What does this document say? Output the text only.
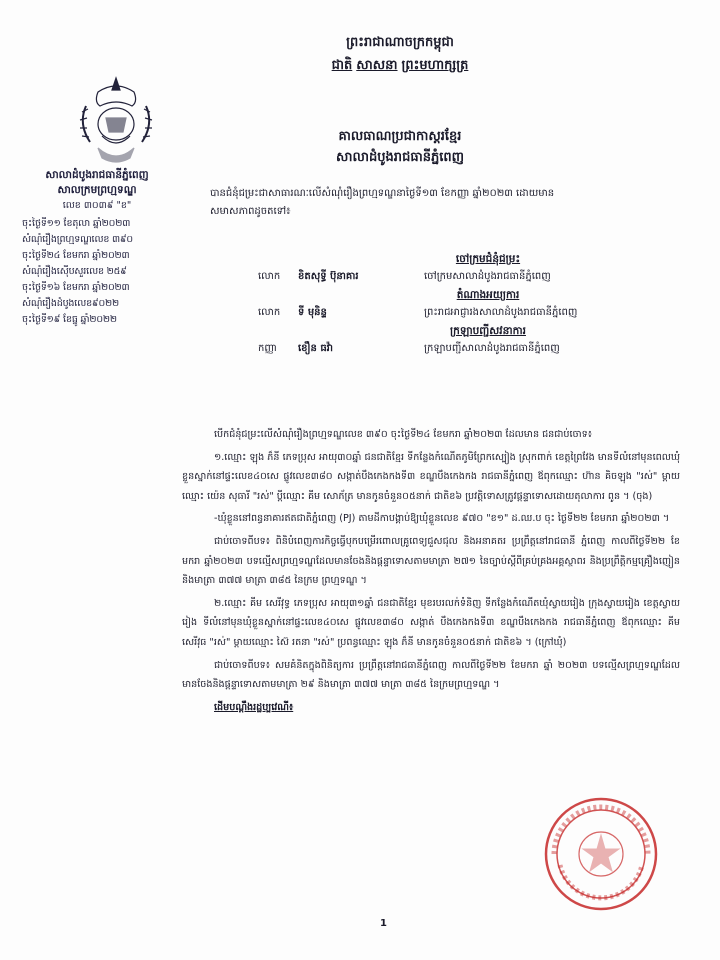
សាលាដំបូងរាជធានីភ្នំពេញ
សាលក្រមព្រហ្មទណ្ឌ
លេខ ៣០៣៩ "ខ"
ចុះថ្ងៃទី១១ ខែតុលា ឆ្នាំ២០២៣
សំណុំរឿងព្រហ្មទណ្ឌលេខ ៣៩០
ចុះថ្ងៃទី២៤ ខែមករា ឆ្នាំ២០២៣
សំណុំរឿងស៊ើបសួរលេខ ២៥៩
ចុះថ្ងៃទី១៦ ខែមករា ឆ្នាំ២០២៣
សំណុំរឿងដំបូងលេខ៩០២២
ចុះថ្ងៃទី១៩ ខែធ្នូ ឆ្នាំ២០២២
ព្រះរាជាណាចក្រកម្ពុជា
ជាតិ សាសនា ព្រះមហាក្សត្រ
គាលធាណប្រជាកាស្តរខ្មែរ
សាលាដំបូងរាជធានីភ្នំពេញ
បានជំនុំជម្រះជាសាធារណៈលើសំណុំរឿងព្រហ្មទណ្ឌនាថ្ងៃទី១៣ ខែកញ្ញា ឆ្នាំ២០២៣ ដោយមាន
សមាសភាពដូចតទៅ៖
ចៅក្រមជំនុំជម្រះ
លោក ខិតសុទ្ធី ប៊ុនាគារ	ចៅក្រមសាលាដំបូងរាជធានីភ្នំពេញ
តំណាងអយ្យការ
លោក ទី មុនិន្ទ	ព្រះរាជអាជ្ញារងសាលាដំបូងរាជធានីភ្នំពេញ
ក្រឡាបញ្ជីសវនាការ
កញ្ញា	ខឿន ធវ៉ា	ក្រឡាបញ្ជីសាលាដំបូងរាជធានីភ្នំពេញ

បើកជំនុំជម្រះលើសំណុំរឿងព្រហ្មទណ្ឌលេខ ៣៩០ ចុះថ្ងៃទី២៤ ខែមករា ឆ្នាំ២០២៣ ដែលមាន ជនជាប់ចោទ៖

១.ឈ្មោះ ឡុង ភ៏នី ភេទប្រុស អាយុ៣០ឆ្នាំ ជនជាតិខ្មែរ ទីកន្លែងកំណើតភូមិព្រែកស្បៀង ស្រុកពាក់ ខេត្តព្រៃវែង មានទីលំនៅមុនពេលឃុំខ្លួនស្នាក់នៅផ្ទះលេខ៤០សេ ផ្លូវលេខ៣៨០ សង្កាត់បឹងកេងកងទី៣ ខណ្ឌបឹងកេងកង រាជធានីភ្នំពេញ ឪពុកឈ្មោះ ហ៊ាន គិចឡុង "រស់" ម្តាយឈ្មោះ យ៉េន សុធារី "រស់" ប្តីឈ្មោះ គីម សោភ័ត្រ មានកូនចំនួន០៥នាក់ ជាតិខ៦ ប្រវត្តិទោសត្រូវផ្តន្ទាទោសដោយតុលាការ ពូន ។ (ចុង)

-ឃុំខ្លួននៅពន្ធនាគារឥតជាតិភ្នំពេញ (PJ) តាមដីកាបង្គាប់ឱ្យឃុំខ្លួនលេខ ៩៧០ "ខ១" ដ.ឈ.ប ចុះ ថ្ងៃទី២២ ខែមករា ឆ្នាំ២០២៣ ។

ជាប់ចោទពីបទ៖ ពិនិបំពេញការកិច្ចធ្វើបុកបម្រើរពោលគ្រូពេទ្យជួសជុល និងអនាគតរ ប្រព្រឹត្តនៅរាជធានី ភ្នំពេញ កាលពីថ្ងៃទី២២ ខែមករា ឆ្នាំ២០២៣ បទល្មើសព្រហ្មទណ្ឌដែលមានចែងនិងផ្តន្ទាទោសតាមមាត្រា ២៧១ នៃច្បាប់ស្តីពីគ្រប់គ្រងអគ្គស្ថាពរ និងប្រព្រឹត្តិកម្មគ្រឿងញៀន និងមាត្រា ៣៧៧ មាត្រា ៣៨៥ នៃក្រម ព្រហ្មទណ្ឌ ។

២.ឈ្មោះ គីម សេរីវុទ្ធ ភេទប្រុស អាយុ៣១ឆ្នាំ ជនជាតិខ្មែរ មុខរបរលក់ទំនិញ ទីកន្លែងកំណើតឃុំស្វាយរៀង ក្រុងស្វាយរៀង ខេត្តស្វាយរៀង ទីលំនៅមុនឃុំខ្លួនស្នាក់នៅផ្ទះលេខ៤០សេ ផ្លូវលេខ៣៨០ សង្កាត់ បឹងកេងកងទី៣ ខណ្ឌបឹងកេងកង រាជធានីភ្នំពេញ ឪពុកឈ្មោះ គីម សេរីវុធ "រស់" ម្តាយឈ្មោះ ស៊ៃ រតនា "រស់" ប្រពន្ធឈ្មោះ ឡុង ភ៏នី មានកូនចំនួន០៥នាក់ ជាតិខ៦ ។ (ក្រៅឃុំ)

ជាប់ចោទពីបទ៖ សមគំនិតក្នុងពិនិត្យការ ប្រព្រឹត្តនៅរាជធានីភ្នំពេញ កាលពីថ្ងៃទី២២ ខែមករា ឆ្នាំ ២០២៣ បទល្មើសព្រហ្មទណ្ឌដែលមានចែងនិងផ្តន្ទាទោសតាមមាត្រា ២៩ និងមាត្រា ៣៧៧ មាត្រា ៣៨៥ នៃក្រមព្រហ្មទណ្ឌ ។

ដើមបណ្តឹងរដ្ឋប្បវេណី៖

1
